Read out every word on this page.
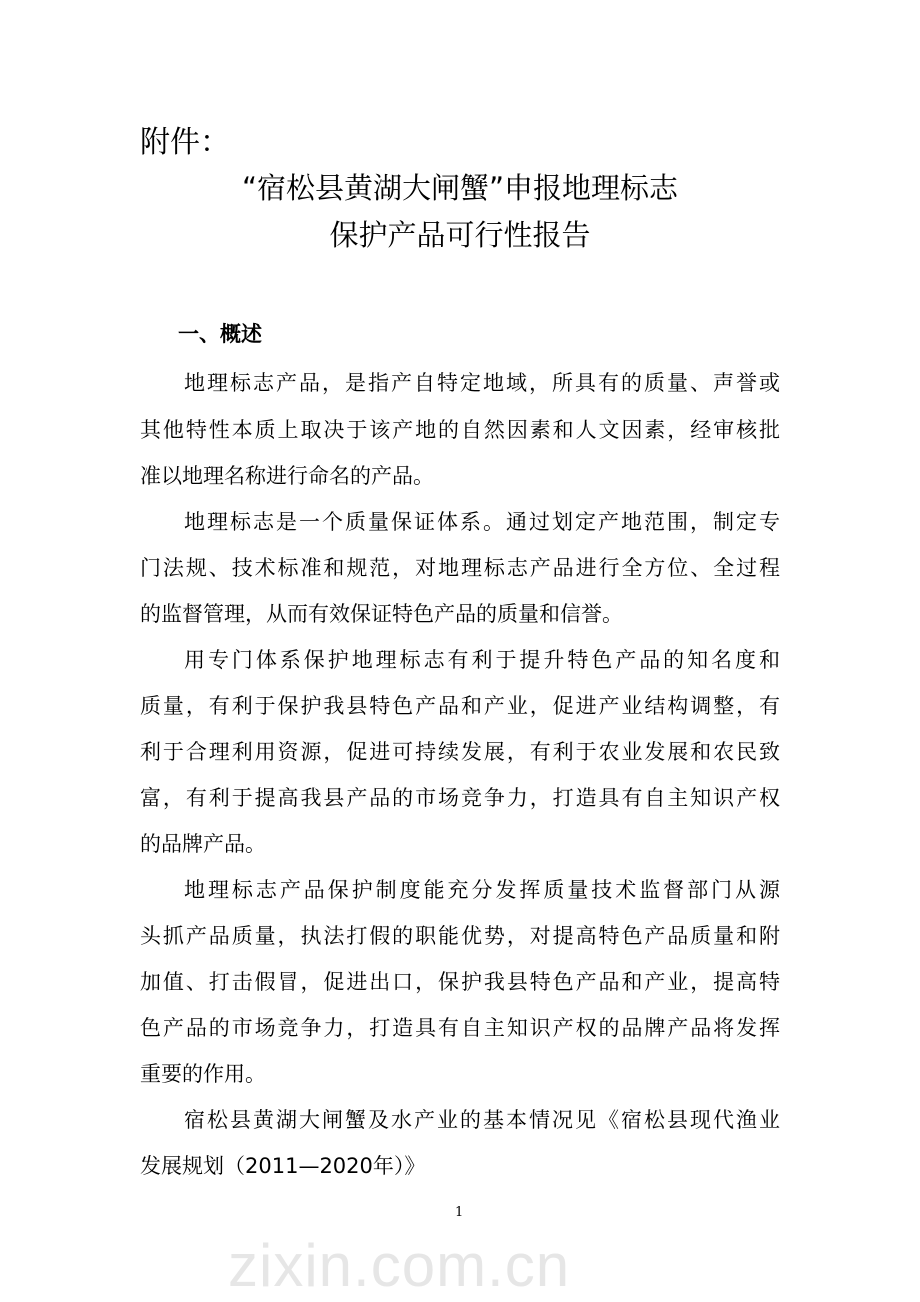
附件：
“宿松县黄湖大闸蟹”申报地理标志
保护产品可行性报告
一、概述
地理标志产品，是指产自特定地域，所具有的质量、声誉或
其他特性本质上取决于该产地的自然因素和人文因素，经审核批
准以地理名称进行命名的产品。
地理标志是一个质量保证体系。通过划定产地范围，制定专
门法规、技术标准和规范，对地理标志产品进行全方位、全过程
的监督管理，从而有效保证特色产品的质量和信誉。
用专门体系保护地理标志有利于提升特色产品的知名度和
质量，有利于保护我县特色产品和产业，促进产业结构调整，有
利于合理利用资源，促进可持续发展，有利于农业发展和农民致
富，有利于提高我县产品的市场竞争力，打造具有自主知识产权
的品牌产品。
地理标志产品保护制度能充分发挥质量技术监督部门从源
头抓产品质量，执法打假的职能优势，对提高特色产品质量和附
加值、打击假冒，促进出口，保护我县特色产品和产业，提高特
色产品的市场竞争力，打造具有自主知识产权的品牌产品将发挥
重要的作用。
宿松县黄湖大闸蟹及水产业的基本情况见《宿松县现代渔业
发展规划（2011—2020年）》
1
zixin.com.cn
